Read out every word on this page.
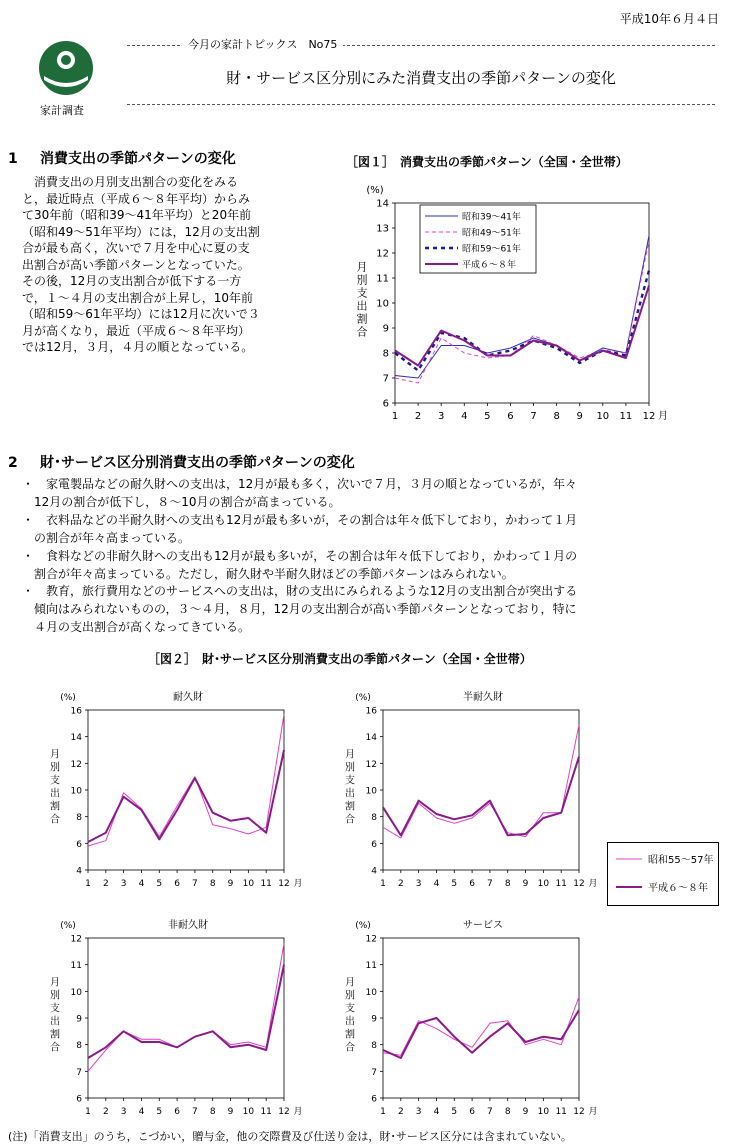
平成10年６月４日
家計調査
今月の家計トピックス　No75
財・サービス区分別にみた消費支出の季節パターンの変化
1 消費支出の季節パターンの変化

　消費支出の月別支出割合の変化をみる

と，最近時点（平成６～８年平均）からみ

て30年前（昭和39～41年平均）と20年前

（昭和49～51年平均）には，12月の支出割

合が最も高く，次いで７月を中心に夏の支

出割合が高い季節パターンとなっていた。

その後，12月の支出割合が低下する一方

で，１～４月の支出割合が上昇し，10年前

（昭和59～61年平均）には12月に次いで３

月が高くなり，最近（平成６～８年平均）

では12月，３月，４月の順となっている。

［図１］　消費支出の季節パターン（全国・全世帯）
(%)
月別支出割合
14
13
12
11
10
9
8
7
6
1 2 3 4 5 6 7 8 9 10 11 12 月
昭和39～41年
昭和49～51年
昭和59～61年
平成６～８年
2 財･サービス区分別消費支出の季節パターンの変化

・　家電製品などの耐久財への支出は，12月が最も多く，次いで７月，３月の順となっているが，年々

　12月の割合が低下し，８～10月の割合が高まっている。

・　衣料品などの半耐久財への支出も12月が最も多いが，その割合は年々低下しており，かわって１月

　の割合が年々高まっている。

・　食料などの非耐久財への支出も12月が最も多いが，その割合は年々低下しており，かわって１月の

　割合が年々高まっている。ただし，耐久財や半耐久財ほどの季節パターンはみられない。

・　教育，旅行費用などのサービスへの支出は，財の支出にみられるような12月の支出割合が突出する

　傾向はみられないものの，３～４月，８月，12月の支出割合が高い季節パターンとなっており，特に

　４月の支出割合が高くなってきている。

［図２］　財･サービス区分別消費支出の季節パターン（全国・全世帯）
耐久財
(%)
月別支出割合
16
14
12
10
8
6
4
1 2 3 4 5 6 7 8 9 10 11 12 月
半耐久財
(%)
月別支出割合
16
14
12
10
8
6
4
1 2 3 4 5 6 7 8 9 10 11 12 月
非耐久財
(%)
月別支出割合
12
11
10
9
8
7
6
1 2 3 4 5 6 7 8 9 10 11 12 月
サービス
(%)
月別支出割合
12
11
10
9
8
7
6
1 2 3 4 5 6 7 8 9 10 11 12 月
昭和55～57年
平成６～８年
(注)「消費支出」のうち，こづかい，贈与金，他の交際費及び仕送り金は，財･サービス区分には含まれていない。
